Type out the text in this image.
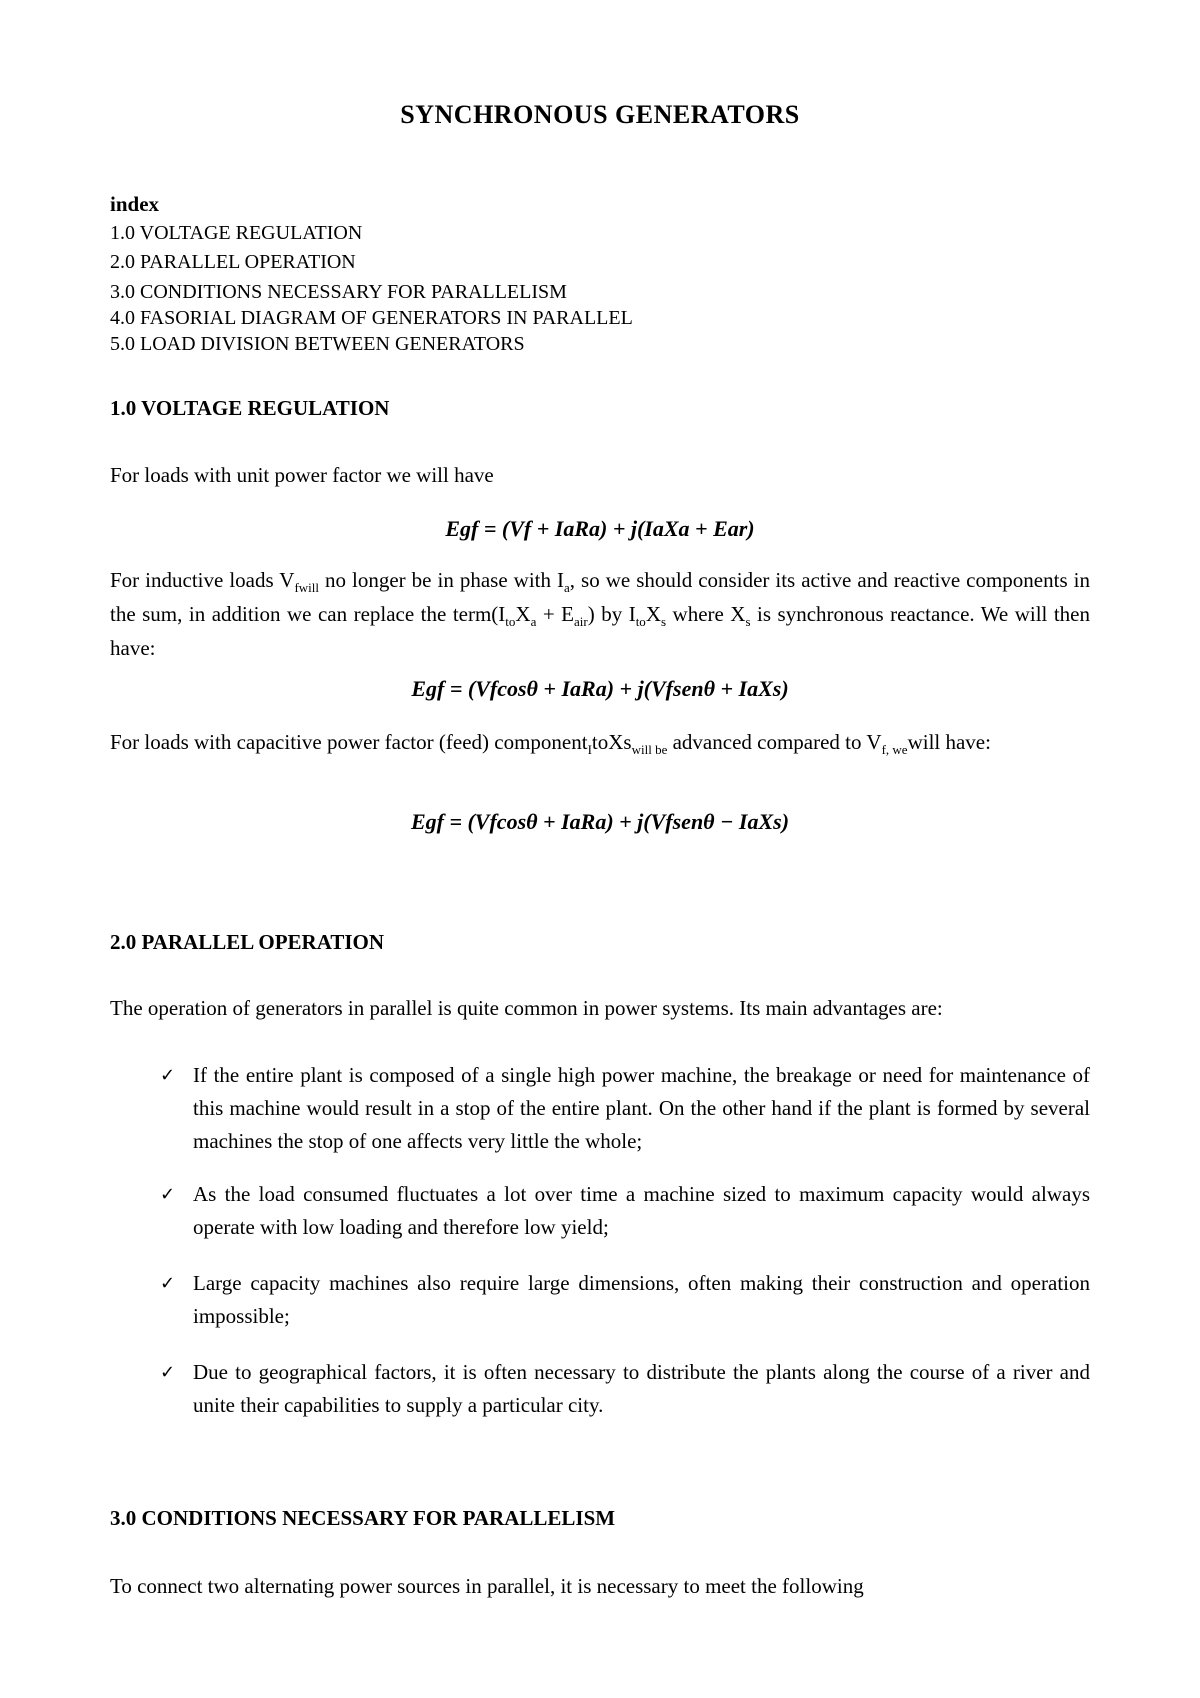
SYNCHRONOUS GENERATORS
index
1.0 VOLTAGE REGULATION
2.0 PARALLEL OPERATION
3.0 CONDITIONS NECESSARY FOR PARALLELISM
4.0 FASORIAL DIAGRAM OF GENERATORS IN PARALLEL
5.0 LOAD DIVISION BETWEEN GENERATORS
1.0 VOLTAGE REGULATION
For loads with unit power factor we will have
Egf = (Vf + IaRa) + j(IaXa + Ear)
For inductive loads $V_{fwill}$ no longer be in phase with $I_a$, so we should consider its active and reactive components in the sum, in addition we can replace the $term(I_{to}X_a + E_{air})$ by $I_{to}X_s$ where $X_s$ is synchronous reactance. We will then have:
Egf = (Vfcosθ + IaRa) + j(Vfsenθ + IaXs)
For loads with capacitive power factor (feed) component$_I$toXs$_{will be}$ advanced compared to $V_{f, we}will$ have:
Egf = (Vfcosθ + IaRa) + j(Vfsenθ − IaXs)
2.0 PARALLEL OPERATION
The operation of generators in parallel is quite common in power systems. Its main advantages are:
✓ If the entire plant is composed of a single high power machine, the breakage or need for maintenance of this machine would result in a stop of the entire plant. On the other hand if the plant is formed by several machines the stop of one affects very little the whole;
✓ As the load consumed fluctuates a lot over time a machine sized to maximum capacity would always operate with low loading and therefore low yield;
✓ Large capacity machines also require large dimensions, often making their construction and operation impossible;
✓ Due to geographical factors, it is often necessary to distribute the plants along the course of a river and unite their capabilities to supply a particular city.
3.0 CONDITIONS NECESSARY FOR PARALLELISM
To connect two alternating power sources in parallel, it is necessary to meet the following
